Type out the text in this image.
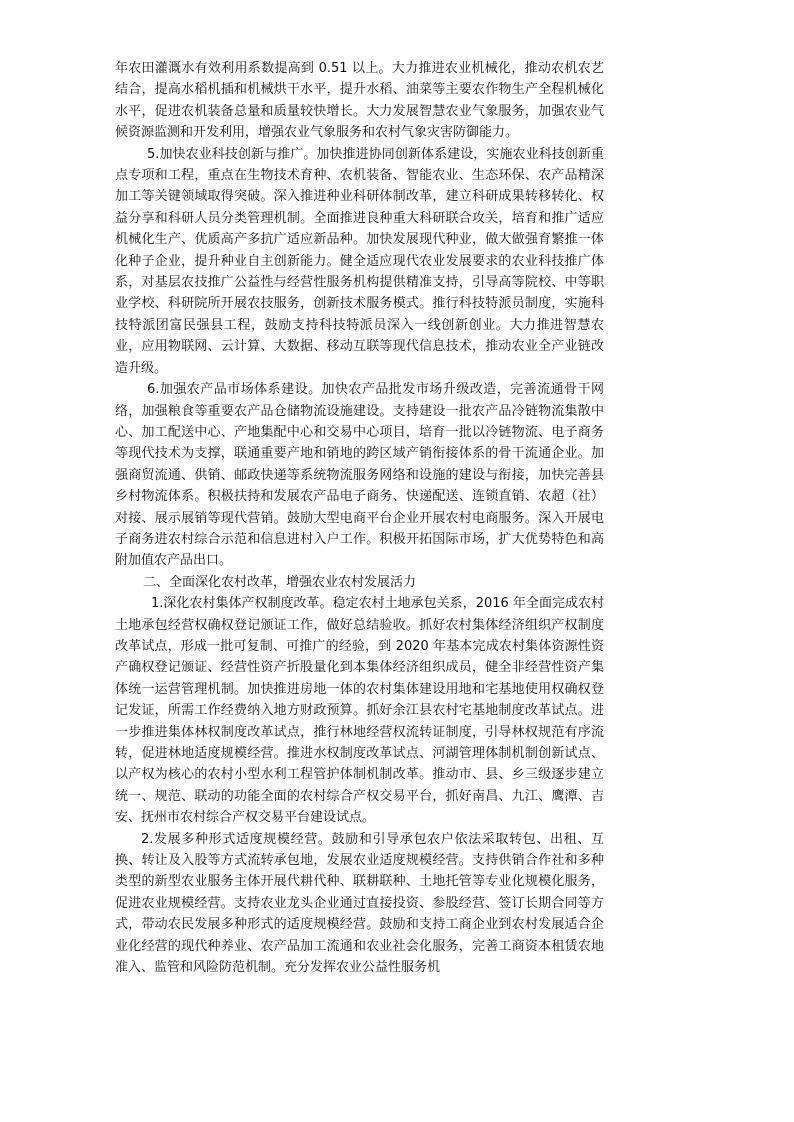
年农田灌溉水有效利用系数提高到 0.51 以上。大力推进农业机械化，推动农机农艺结合，提高水稻机插和机械烘干水平，提升水稻、油菜等主要农作物生产全程机械化水平，促进农机装备总量和质量较快增长。大力发展智慧农业气象服务，加强农业气候资源监测和开发利用，增强农业气象服务和农村气象灾害防御能力。

5.加快农业科技创新与推广。加快推进协同创新体系建设，实施农业科技创新重点专项和工程，重点在生物技术育种、农机装备、智能农业、生态环保、农产品精深加工等关键领域取得突破。深入推进种业科研体制改革，建立科研成果转移转化、权益分享和科研人员分类管理机制。全面推进良种重大科研联合攻关，培育和推广适应机械化生产、优质高产多抗广适应新品种。加快发展现代种业，做大做强育繁推一体化种子企业，提升种业自主创新能力。健全适应现代农业发展要求的农业科技推广体系，对基层农技推广公益性与经营性服务机构提供精准支持，引导高等院校、中等职业学校、科研院所开展农技服务，创新技术服务模式。推行科技特派员制度，实施科技特派团富民强县工程，鼓励支持科技特派员深入一线创新创业。大力推进智慧农业，应用物联网、云计算、大数据、移动互联等现代信息技术，推动农业全产业链改造升级。

6.加强农产品市场体系建设。加快农产品批发市场升级改造，完善流通骨干网络，加强粮食等重要农产品仓储物流设施建设。支持建设一批农产品冷链物流集散中心、加工配送中心、产地集配中心和交易中心项目，培育一批以冷链物流、电子商务等现代技术为支撑，联通重要产地和销地的跨区域产销衔接体系的骨干流通企业。加强商贸流通、供销、邮政快递等系统物流服务网络和设施的建设与衔接，加快完善县乡村物流体系。积极扶持和发展农产品电子商务、快递配送、连锁直销、农超（社）对接、展示展销等现代营销。鼓励大型电商平台企业开展农村电商服务。深入开展电子商务进农村综合示范和信息进村入户工作。积极开拓国际市场，扩大优势特色和高附加值农产品出口。

二、全面深化农村改革，增强农业农村发展活力

1.深化农村集体产权制度改革。稳定农村土地承包关系，2016 年全面完成农村土地承包经营权确权登记颁证工作，做好总结验收。抓好农村集体经济组织产权制度改革试点，形成一批可复制、可推广的经验，到 2020 年基本完成农村集体资源性资产确权登记颁证、经营性资产折股量化到本集体经济组织成员，健全非经营性资产集体统一运营管理机制。加快推进房地一体的农村集体建设用地和宅基地使用权确权登记发证，所需工作经费纳入地方财政预算。抓好余江县农村宅基地制度改革试点。进一步推进集体林权制度改革试点，推行林地经营权流转证制度，引导林权规范有序流转，促进林地适度规模经营。推进水权制度改革试点、河湖管理体制机制创新试点、以产权为核心的农村小型水利工程管护体制机制改革。推动市、县、乡三级逐步建立统一、规范、联动的功能全面的农村综合产权交易平台，抓好南昌、九江、鹰潭、吉安、抚州市农村综合产权交易平台建设试点。

2.发展多种形式适度规模经营。鼓励和引导承包农户依法采取转包、出租、互换、转让及入股等方式流转承包地，发展农业适度规模经营。支持供销合作社和多种类型的新型农业服务主体开展代耕代种、联耕联种、土地托管等专业化规模化服务，促进农业规模经营。支持农业龙头企业通过直接投资、参股经营、签订长期合同等方式，带动农民发展多种形式的适度规模经营。鼓励和支持工商企业到农村发展适合企业化经营的现代种养业、农产品加工流通和农业社会化服务，完善工商资本租赁农地准入、监管和风险防范机制。充分发挥农业公益性服务机
